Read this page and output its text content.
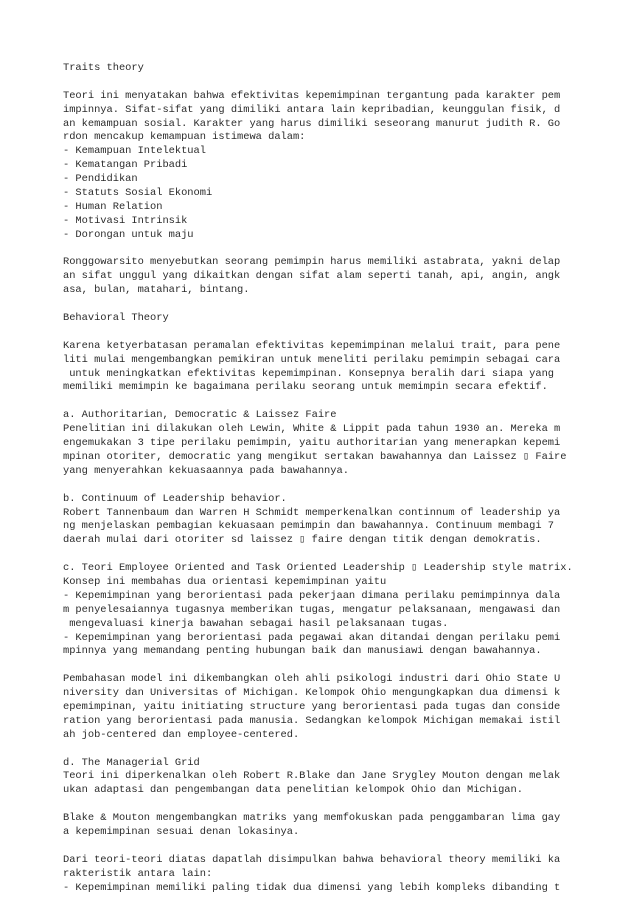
Traits theory
Teori ini menyatakan bahwa efektivitas kepemimpinan tergantung pada karakter pem
impinnya. Sifat-sifat yang dimiliki antara lain kepribadian, keunggulan fisik, d
an kemampuan sosial. Karakter yang harus dimiliki seseorang manurut judith R. Go
rdon mencakup kemampuan istimewa dalam:
- Kemampuan Intelektual
- Kematangan Pribadi
- Pendidikan
- Statuts Sosial Ekonomi
- Human Relation
- Motivasi Intrinsik
- Dorongan untuk maju
Ronggowarsito menyebutkan seorang pemimpin harus memiliki astabrata, yakni delap
an sifat unggul yang dikaitkan dengan sifat alam seperti tanah, api, angin, angk
asa, bulan, matahari, bintang.
Behavioral Theory
Karena ketyerbatasan peramalan efektivitas kepemimpinan melalui trait, para pene
liti mulai mengembangkan pemikiran untuk meneliti perilaku pemimpin sebagai cara
untuk meningkatkan efektivitas kepemimpinan. Konsepnya beralih dari siapa yang
memiliki memimpin ke bagaimana perilaku seorang untuk memimpin secara efektif.
a. Authoritarian, Democratic & Laissez Faire
Penelitian ini dilakukan oleh Lewin, White & Lippit pada tahun 1930 an. Mereka m
engemukakan 3 tipe perilaku pemimpin, yaitu authoritarian yang menerapkan kepemi
mpinan otoriter, democratic yang mengikut sertakan bawahannya dan Laissez ▯ Faire
yang menyerahkan kekuasaannya pada bawahannya.
b. Continuum of Leadership behavior.
Robert Tannenbaum dan Warren H Schmidt memperkenalkan continnum of leadership ya
ng menjelaskan pembagian kekuasaan pemimpin dan bawahannya. Continuum membagi 7
daerah mulai dari otoriter sd laissez ▯ faire dengan titik dengan demokratis.
c. Teori Employee Oriented and Task Oriented Leadership ▯ Leadership style matrix.
Konsep ini membahas dua orientasi kepemimpinan yaitu
- Kepemimpinan yang berorientasi pada pekerjaan dimana perilaku pemimpinnya dala
m penyelesaiannya tugasnya memberikan tugas, mengatur pelaksanaan, mengawasi dan
mengevaluasi kinerja bawahan sebagai hasil pelaksanaan tugas.
- Kepemimpinan yang berorientasi pada pegawai akan ditandai dengan perilaku pemi
mpinnya yang memandang penting hubungan baik dan manusiawi dengan bawahannya.
Pembahasan model ini dikembangkan oleh ahli psikologi industri dari Ohio State U
niversity dan Universitas of Michigan. Kelompok Ohio mengungkapkan dua dimensi k
epemimpinan, yaitu initiating structure yang berorientasi pada tugas dan conside
ration yang berorientasi pada manusia. Sedangkan kelompok Michigan memakai istil
ah job-centered dan employee-centered.
d. The Managerial Grid
Teori ini diperkenalkan oleh Robert R.Blake dan Jane Srygley Mouton dengan melak
ukan adaptasi dan pengembangan data penelitian kelompok Ohio dan Michigan.
Blake & Mouton mengembangkan matriks yang memfokuskan pada penggambaran lima gay
a kepemimpinan sesuai denan lokasinya.
Dari teori-teori diatas dapatlah disimpulkan bahwa behavioral theory memiliki ka
rakteristik antara lain:
- Kepemimpinan memiliki paling tidak dua dimensi yang lebih kompleks dibanding t
